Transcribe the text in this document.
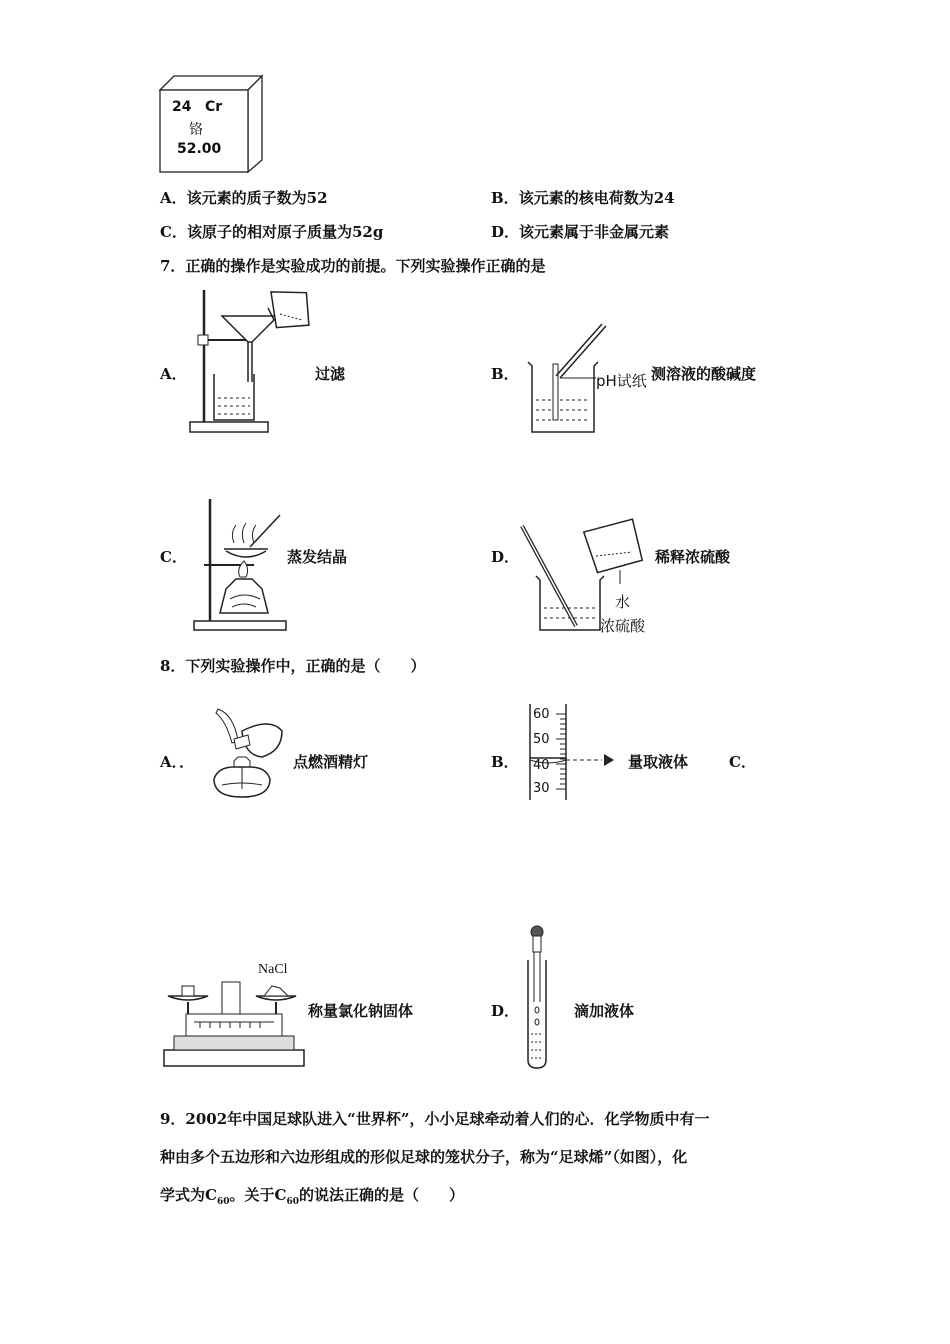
24 Cr
铬
52.00
A．该元素的质子数为52	B．该元素的核电荷数为24
C．该原子的相对原子质量为52g	D．该元素属于非金属元素
7．正确的操作是实验成功的前提。下列实验操作正确的是
A．	过滤	B．	pH试纸 测溶液的酸碱度
C．	蒸发结晶	D．
水
浓硫酸
稀释浓硫酸
8．下列实验操作中，正确的是（　　）
A．．	点燃酒精灯	B．
60
50
40
30
量取液体	C．
NaCl
称量氯化钠固体	D．	滴加液体
9．2002年中国足球队进入“世界杯”，小小足球牵动着人们的心．化学物质中有一
种由多个五边形和六边形组成的形似足球的笼状分子，称为“足球烯”（如图），化
学式为$C_{60}$。关于$C_{60}$的说法正确的是（　　）
